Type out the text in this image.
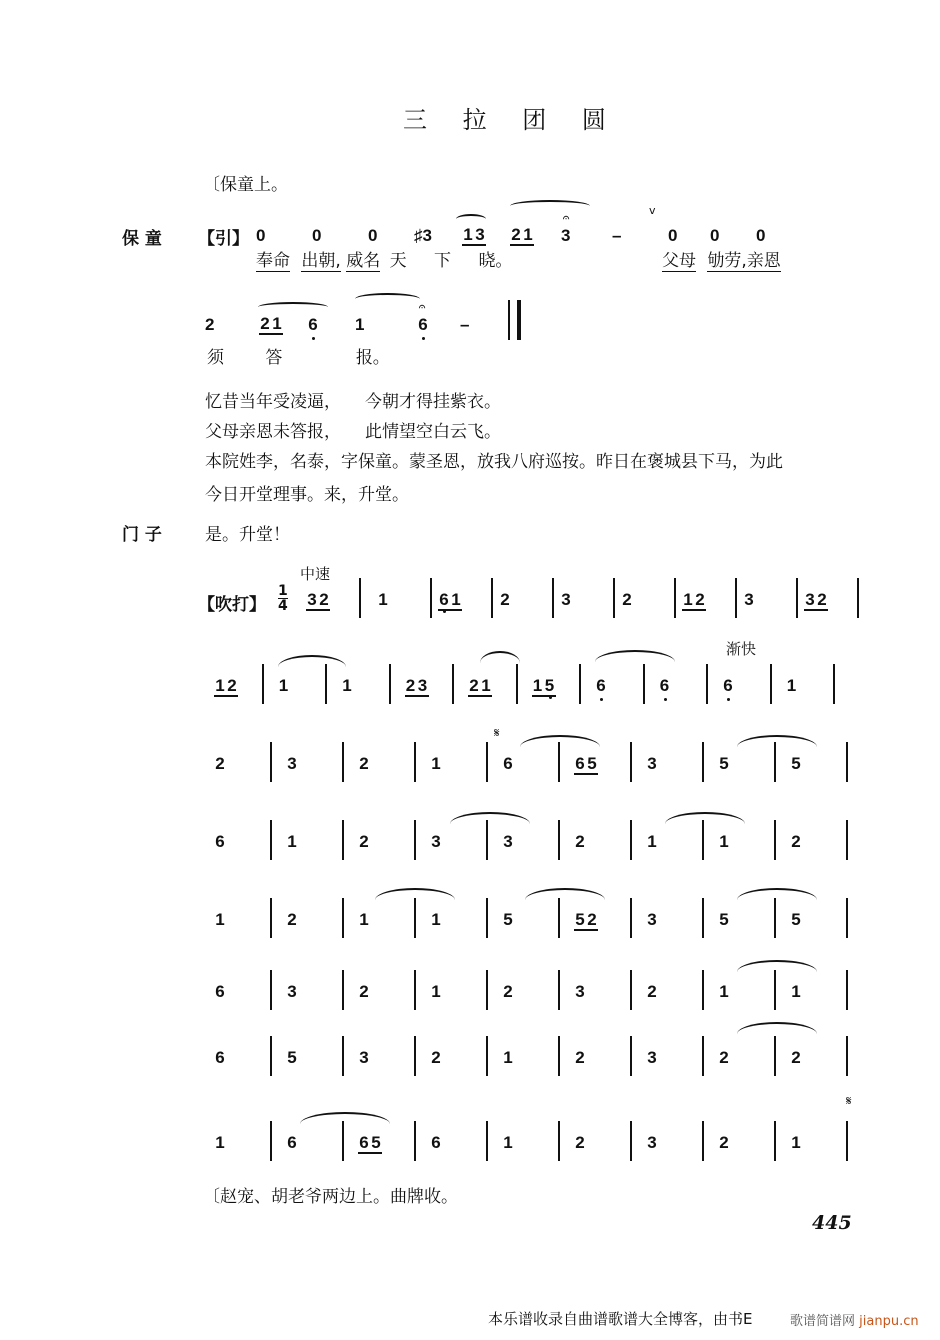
三 拉 团 圆
〔保童上。
保 童 【引】 0	0	0 ♯3 1 3 2 1 3
𝄐
–	0 0 0
v
奉命 出朝, 威名 天 下 晓。	父母 劬劳,亲恩
2	2 1 6 1	6
𝄐
–
须 答	报。
忆昔当年受凌逼， 今朝才得挂紫衣。
父母亲恩未答报， 此情望空白云飞。
本院姓李，名泰，字保童。蒙圣恩，放我八府巡按。昨日在褒城县下马，为此
今日开堂理事。来，升堂。
门 子	是。升堂！
中速
渐快
【吹打】 $\frac{1}{4}$
𝄋
𝄋
3 2	1	6 1 2	3	2	1 2 3	3 2
1 2 1	1	2 3 2 1 1 5 6	6	6	1
2	3	2	1	6	6 5	3	5	5
6	1	2	3	3	2	1	1	2
1	2	1	1	5	5 2	3	5	5
6	3	2	1	2	3	2	1	1
6	5	3	2	1	2	3	2	2
1	6	6 5	6	1	2	3	2	1
〔赵宠、胡老爷两边上。曲牌收。
445
本乐谱收录自曲谱歌谱大全博客，由书E	歌谱简谱网 jianpu.cn
